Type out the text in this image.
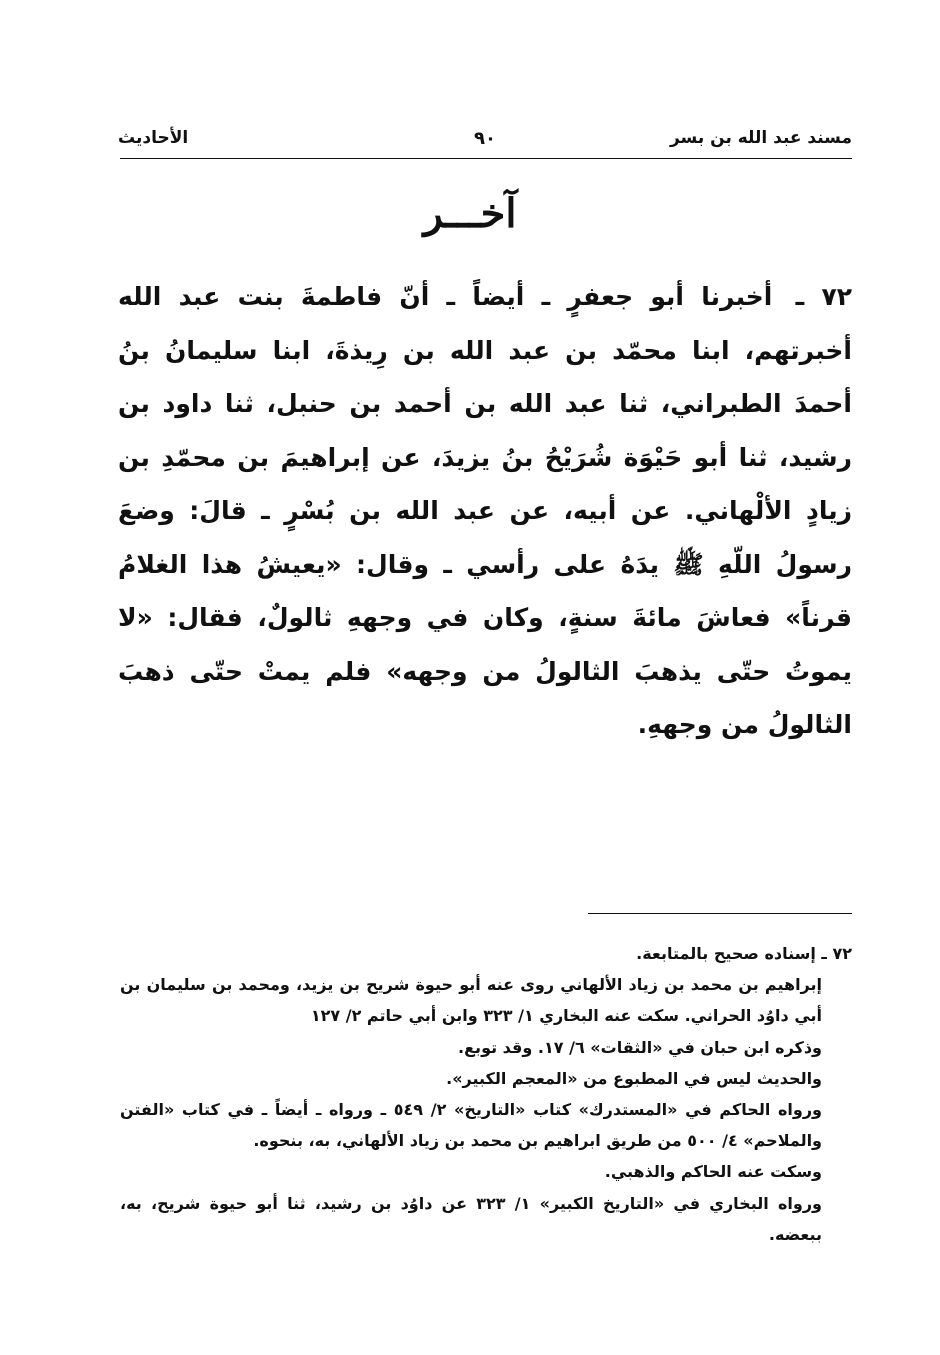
مسند عبد الله بن بسر
٩٠
الأحاديث
آخـــر
٧٢ ـ أخبرنا أبو جعفرٍ ـ أيضاً ـ أنّ فاطمةَ بنت عبد الله أخبرتهم، ابنا محمّد بن عبد الله بن رِيذةَ، ابنا سليمانُ بنُ أحمدَ الطبراني، ثنا عبد الله بن أحمد بن حنبل، ثنا داود بن رشيد، ثنا أبو حَيْوَة شُرَيْحُ بنُ يزيدَ، عن إبراهيمَ بن محمّدِ بن زيادٍ الألْهاني. عن أبيه، عن عبد الله بن بُسْرٍ ـ قالَ: وضعَ رسولُ اللّهِ ﷺ يدَهُ على رأسي ـ وقال: «يعيشُ هذا الغلامُ قرناً» فعاشَ مائةَ سنةٍ، وكان في وجههِ ثالولٌ، فقال: «لا يموتُ حتّى يذهبَ الثالولُ من وجهه» فلم يمتْ حتّى ذهبَ الثالولُ من وجههِ.
٧٢ ـ إسناده صحيح بالمتابعة.
إبراهيم بن محمد بن زياد الألهاني روى عنه أبو حيوة شريح بن يزيد، ومحمد بن سليمان بن أبي داوُد الحراني. سكت عنه البخاري ١/ ٣٢٣ وابن أبي حاتم ٢/ ١٢٧
وذكره ابن حبان في «الثقات» ٦/ ١٧. وقد توبع.
والحديث ليس في المطبوع من «المعجم الكبير».
ورواه الحاكم في «المستدرك» كتاب «التاريخ» ٢/ ٥٤٩ ـ ورواه ـ أيضاً ـ في كتاب «الفتن والملاحم» ٤/ ٥٠٠ من طريق ابراهيم بن محمد بن زياد الألهاني، به، بنحوه.
وسكت عنه الحاكم والذهبي.
ورواه البخاري في «التاريخ الكبير» ١/ ٣٢٣ عن داوُد بن رشيد، ثنا أبو حيوة شريح، به، ببعضه.
